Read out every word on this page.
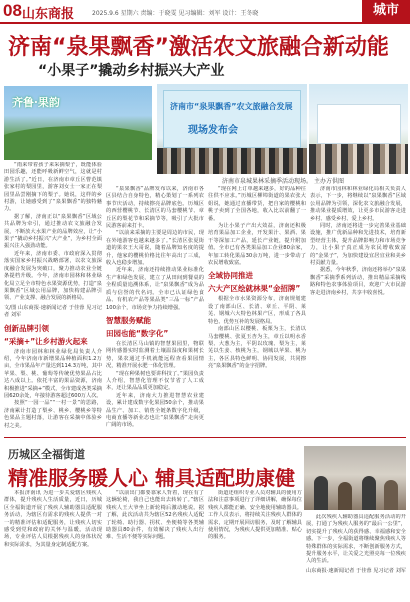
08 山东商报	2025.9.6 星期六 责编：于晓雯 见习编辑：刘军 设计：王冬晓	城市
济南“泉果飘香”激活农文旅融合新动能
“小果子”撬动乡村振兴大产业
齐鲁·果韵	济南市“泉果飘香”农文旅融合发展
现场发布会
济南市泉城果林采摘季活动现场。 主办方供图

“雨来带着孩子来采摘梨子，既能体验田园乐趣，还能呼吸新鲜空气，这就是村游生活了。”近日，在济南市章丘区曹范镇张家村的梨园里，游客刘女士一家正在梨园里品尝刚摘下的梨子。她说，这样的乡村游，让她感受到了“泉果飘香”的独特魅力。

据了解，济南正以“泉果飘香”区域公共品牌为牵引，通过推动农文旅融合发展，不断放大水果产业的品牌效应，让“小果子”撬动乡村振兴“大产业”，为乡村全面振兴注入强劲动能。

近年来，济南市委、市政府深入贯彻落实国家乡村振兴战略部署，以农文旅深度融合发展为突破口，聚力推动农业全链条提档升级。今年，济南市园林和林业绿化局立足全市特色水果资源优势，打造“泉果飘香”区域公用品牌，加快构建品牌引领、产业支撑、融合发展的新格局。

文/图 山东商报·速新闻记者 于佳蓉 见习记者 刘军
创新品牌引领
“采摘+”让乡村游火起来

济南市园林和林业绿化局负责人介绍，今年济南市新增果品种植面积1.2万亩，全市果品年产量达到114.3万吨，其中苹果、梨、桃、葡萄等传统优势果品占比达八成以上。依托丰富的果品资源，济南积极推进“采摘+”模式，全市建成各类采摘园620余处，年接待游客超过600万人次。

按照“一园一品”“一村一景”的思路，济南累计打造了梨乡、桃乡、樱桃乡等特色果品主题村落，让游客在采摘中体验乡村之美。

“泉果飘香”品牌发布以来，济南市各区县结合自身特色，精心策划了一系列农事节庆活动，持续擦亮品牌底色。历城区的西营樱桃节、长清区的马套樱桃节、章丘区的梨花节和采摘节等，吸引了大批市民游客前来打卡。

“以前来采摘的主要是周边的市民，现在外地游客也越来越多了。”长清区张夏街道的果农王大哥说，随着品牌知名度的提升，他家的樱桃价格比往年高出了三成，收入也稳步增加。

近年来，济南还持续推动果业标准化生产和绿色发展，建立了从田间到餐桌的全程质量追溯体系，让“泉果飘香”成为品质与信誉的代名词。全市已认证绿色食品、有机农产品等果品类“三品一标”产品100余个，市场竞争力持续增强。

智慧服务赋能
田园也能“数字化”

在长清区马山镇的智慧果园里，物联网传感器实时监测着土壤温湿度和果树长势，果农通过手机就能远程查看果园情况，精准开展水肥一体化管理。

“现在种果树也要讲科技了。”果园负责人介绍，智慧化管理不仅节省了人工成本，还让果品品质更加稳定。

近年来，济南大力推进智慧农业建设，累计建成数字化果园50余个，推动果品生产、加工、销售全链条数字化升级，电商直播等新业态也让“泉果飘香”走向更广阔的市场。

“现在网上订单越来越多，好的品种往往供不应求。”历城区柳埠街道的果农张大姐说，她通过直播带货，把自家的樱桃和桃子卖到了全国各地，收入比以前翻了一番。

为让小果子产出大效益，济南还积极培育果品加工企业，开发果汁、果酒、果干等深加工产品，延长产业链，提升附加值。全市已有各类果品加工企业80余家，年加工转化果品30余万吨，进一步带动了农民增收致富。

全域协同推进
六大产区绘就林果“金招牌”

根据全市水果资源分布，济南规划建设了南部山区、长清、章丘、平阴、莱芜、钢城六大特色林果产区，形成了各具特色、优势互补的发展格局。

南部山区以樱桃、板栗为主，长清以马套樱桃、张夏玉杏为主，章丘以明水香梨、大葱为主，平阴以玫瑰、梨为主，莱芜以生姜、核桃为主，钢城以苹果、桃为主，各区县特色鲜明、协同发展，共同擦亮“泉果飘香”的金字招牌。

济南市园林和林业绿化局相关负责人表示，下一步，将继续以“泉果飘香”区域公用品牌为引领，深化农文旅融合发展，推动果业提质增效，让更多市民游客走进乡村、感受乡村、爱上乡村。

同时，济南还将进一步完善果业基础设施，推广优新品种和先进技术，培育新型经营主体，提升品牌影响力和市场竞争力，让小果子真正成为农民增收致富的“金果子”，为加快建设宜居宜业和美乡村贡献力量。

据悉，今年秋季，济南还将举办“泉果飘香”采摘季系列活动，推出精品采摘线路和特色农事体验项目，欢迎广大市民游客走进济南乡村，共享丰收喜悦。

历城区全福街道
精准服务暖人心 辅具适配助康健

本报济南讯 为进一步关爱辖区残疾人群体，提升残疾人生活质量，近日，历城区全福街道开展了残疾人辅助器具适配服务活动，为辖区有需求的残疾人提供一对一的精准评估和适配服务，让残疾人切实感受到党和政府的关怀与温暖。活动现场，专业评估人员根据残疾人的身体状况和实际需求，为其量身定制适配方案。

“以前出门都要靠家人背着，现在有了这辆轮椅，我自己也能出去转转了。”辖区残疾人王大爷坐上新轮椅后激动地说。据了解，此次活动共为辖区52名残疾人适配了轮椅、助行器、拐杖、坐便椅等各类辅助器具80余件，有效解决了残疾人出行难、生活不便等实际问题。

街道还组织专业人员对辅具的使用方法和注意事项进行了详细讲解，确保每位残疾人都能正确、安全地使用辅助器具。工作人员表示，将持续关注残疾人群体的需求，定期开展回访服务，及时了解辅具使用情况，为残疾人提供更加精准、贴心的服务。

此次残疾人辅助器具适配服务活动的开展，打通了为残疾人服务的“最后一公里”，切实提升了残疾人的获得感、幸福感和安全感。下一步，全福街道将继续聚焦残疾人等特殊群体的实际需求，不断创新服务方式，提升服务水平，让关爱之光照亮每一位残疾人的生活。

山东商报·速新闻记者 于佳蓉 见习记者 刘军
